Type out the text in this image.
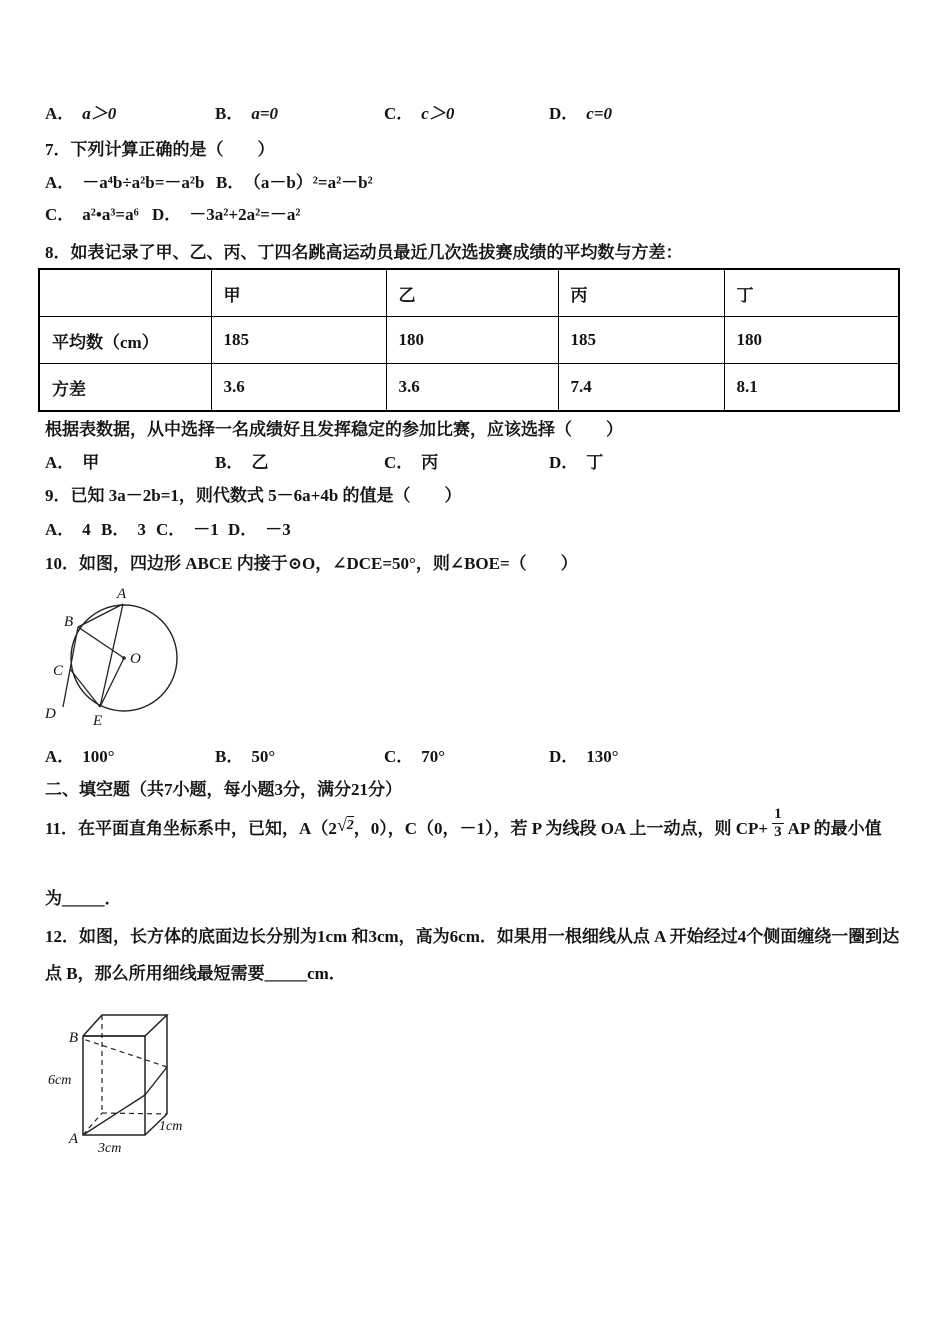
A． a＞0	B． a=0	C． c＞0	D． c=0
7．下列计算正确的是（　　）
A． －a⁴b÷a²b=－a²b B． （a－b）²=a²－b²
C． a²•a³=a⁶ D． －3a²+2a²=－a²
8．如表记录了甲、乙、丙、丁四名跳高运动员最近几次选拔赛成绩的平均数与方差：
	甲	乙	丙	丁
平均数（cm）	185	180	185	180
方差	3.6	3.6	7.4	8.1
根据表数据，从中选择一名成绩好且发挥稳定的参加比赛，应该选择（　　）
A． 甲	B． 乙	C． 丙	D． 丁
9．已知 3a－2b=1，则代数式 5－6a+4b 的值是（　　）
A． 4 B． 3 C． －1 D． －3
10．如图，四边形 ABCE 内接于⊙O，∠DCE=50°，则∠BOE=（　　）
A
B
C
D E
O
A． 100°	B． 50°	C． 70°	D． 130°
二、填空题（共7小题，每小题3分，满分21分）
11．在平面直角坐标系中，已知，A（2 √ 2 ，0），C（0，－1），若 P 为线段 OA 上一动点，则 $CP+ \frac{1}{3}$ AP 的最小值
为_____．
12．如图，长方体的底面边长分别为1cm 和3cm，高为6cm．如果用一根细线从点 A 开始经过4个侧面缠绕一圈到达
点 B，那么所用细线最短需要_____cm．
B
A
6cm
3cm
1cm
